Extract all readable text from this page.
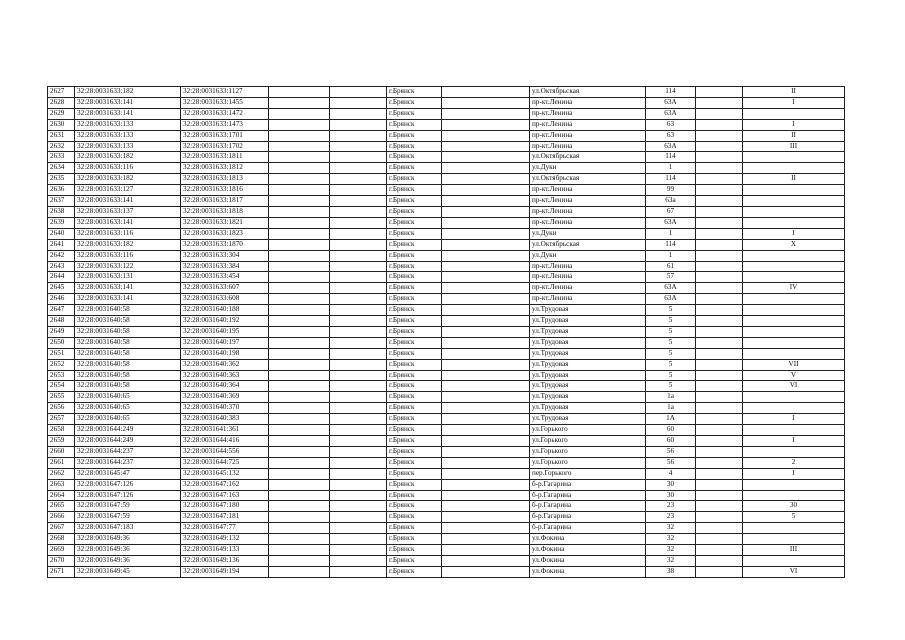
2627	32:28:0031633:182	32:28:0031633:1127			г.Брянск		ул.Октябрьская	114		II
2628	32:28:0031633:141	32:28:0031633:1455			г.Брянск		пр-кт.Ленина	63А		I
2629	32:28:0031633:141	32:28:0031633:1472			г.Брянск		пр-кт.Ленина	63А		
2630	32:28:0031633:133	32:28:0031633:1473			г.Брянск		пр-кт.Ленина	63		I
2631	32:28:0031633:133	32:28:0031633:1701			г.Брянск		пр-кт.Ленина	63		II
2632	32:28:0031633:133	32:28:0031633:1702			г.Брянск		пр-кт.Ленина	63А		III
2633	32:28:0031633:182	32:28:0031633:1811			г.Брянск		ул.Октябрьская	114		
2634	32:28:0031633:116	32:28:0031633:1812			г.Брянск		ул.Дуки	1		
2635	32:28:0031633:182	32:28:0031633:1813			г.Брянск		ул.Октябрьская	114		II
2636	32:28:0031633:127	32:28:0031633:1816			г.Брянск		пр-кт.Ленина	99		
2637	32:28:0031633:141	32:28:0031633:1817			г.Брянск		пр-кт.Ленина	63а		
2638	32:28:0031633:137	32:28:0031633:1818			г.Брянск		пр-кт.Ленина	67		
2639	32:28:0031633:141	32:28:0031633:1821			г.Брянск		пр-кт.Ленина	63А		
2640	32:28:0031633:116	32:28:0031633:1823			г.Брянск		ул.Дуки	1		I
2641	32:28:0031633:182	32:28:0031633:1870			г.Брянск		ул.Октябрьская	114		X
2642	32:28:0031633:116	32:28:0031633:304			г.Брянск		ул.Дуки	1		
2643	32:28:0031633:122	32:28:0031633:384			г.Брянск		пр-кт.Ленина	61		
2644	32:28:0031633:131	32:28:0031633:454			г.Брянск		пр-кт.Ленина	57		
2645	32:28:0031633:141	32:28:0031633:607			г.Брянск		пр-кт.Ленина	63А		IV
2646	32:28:0031633:141	32:28:0031633:608			г.Брянск		пр-кт.Ленина	63А		
2647	32:28:0031640:58	32:28:0031640:188			г.Брянск		ул.Трудовая	5		
2648	32:28:0031640:58	32:28:0031640:192			г.Брянск		ул.Трудовая	5		
2649	32:28:0031640:58	32:28:0031640:195			г.Брянск		ул.Трудовая	5		
2650	32:28:0031640:58	32:28:0031640:197			г.Брянск		ул.Трудовая	5		
2651	32:28:0031640:58	32:28:0031640:198			г.Брянск		ул.Трудовая	5		
2652	32:28:0031640:58	32:28:0031640:362			г.Брянск		ул.Трудовая	5		VII
2653	32:28:0031640:58	32:28:0031640:363			г.Брянск		ул.Трудовая	5		V
2654	32:28:0031640:58	32:28:0031640:364			г.Брянск		ул.Трудовая	5		VI
2655	32:28:0031640:65	32:28:0031640:369			г.Брянск		ул.Трудовая	1а		
2656	32:28:0031640:65	32:28:0031640:370			г.Брянск		ул.Трудовая	1а		
2657	32:28:0031640:65	32:28:0031640:383			г.Брянск		ул.Трудовая	1А		I
2658	32:28:0031644:249	32:28:0031641:361			г.Брянск		ул.Горького	60		
2659	32:28:0031644:249	32:28:0031644:416			г.Брянск		ул.Горького	60		I
2660	32:28:0031644:237	32:28:0031644:556			г.Брянск		ул.Горького	56		
2661	32:28:0031644:237	32:28:0031644:725			г.Брянск		ул.Горького	56		2
2662	32:28:0031645:47	32:28:0031645:132			г.Брянск		пер.Горького	4		I
2663	32:28:0031647:126	32:28:0031647:162			г.Брянск		б-р.Гагарина	30		
2664	32:28:0031647:126	32:28:0031647:163			г.Брянск		б-р.Гагарина	30		
2665	32:28:0031647:59	32:28:0031647:180			г.Брянск		б-р.Гагарина	23		30
2666	32:28:0031647:59	32:28:0031647:181			г.Брянск		б-р.Гагарина	23		5
2667	32:28:0031647:183	32:28:0031647:77			г.Брянск		б-р.Гагарина	32		
2668	32:28:0031649:36	32:28:0031649:132			г.Брянск		ул.Фокина	32		
2669	32:28:0031649:36	32:28:0031649:133			г.Брянск		ул.Фокина	32		III
2670	32:28:0031649:36	32:28:0031649:136			г.Брянск		ул.Фокина	32		
2671	32:28:0031649:45	32:28:0031649:194			г.Брянск		ул.Фокина	38		VI
